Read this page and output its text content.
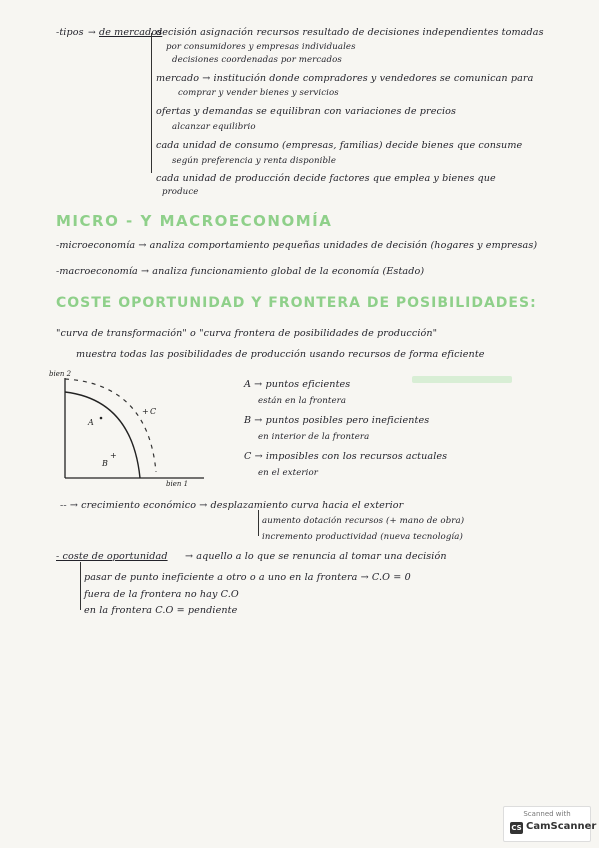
-tipos → de mercados
decisión asignación recursos resultado de decisiones independientes tomadas
por consumidores y empresas individuales
decisiones coordenadas por mercados
mercado → institución donde compradores y vendedores se comunican para
comprar y vender bienes y servicios
ofertas y demandas se equilibran con variaciones de precios
alcanzar equilibrio
cada unidad de consumo (empresas, familias) decide bienes que consume
según preferencia y renta disponible
cada unidad de producción decide factores que emplea y bienes que
produce
MICRO - Y MACROECONOMÍA
-microeconomía → analiza comportamiento pequeñas unidades de decisión (hogares y empresas)
-macroeconomía → analiza funcionamiento global de la economía (Estado)
COSTE OPORTUNIDAD Y FRONTERA DE POSIBILIDADES:
"curva de transformación" o "curva frontera de posibilidades de producción"
muestra todas las posibilidades de producción usando recursos de forma eficiente
bien 2
bien 1
A
B
+
+ C
A → puntos eficientes
están en la frontera
B → puntos posibles pero ineficientes
en interior de la frontera
C → imposibles con los recursos actuales
en el exterior
-- → crecimiento económico → desplazamiento curva hacia el exterior
aumento dotación recursos (+ mano de obra)
incremento productividad (nueva tecnología)
- coste de oportunidad → aquello a lo que se renuncia al tomar una decisión
pasar de punto ineficiente a otro o a uno en la frontera → C.O = 0
fuera de la frontera no hay C.O
en la frontera C.O = pendiente
Scanned with
CS CamScanner
